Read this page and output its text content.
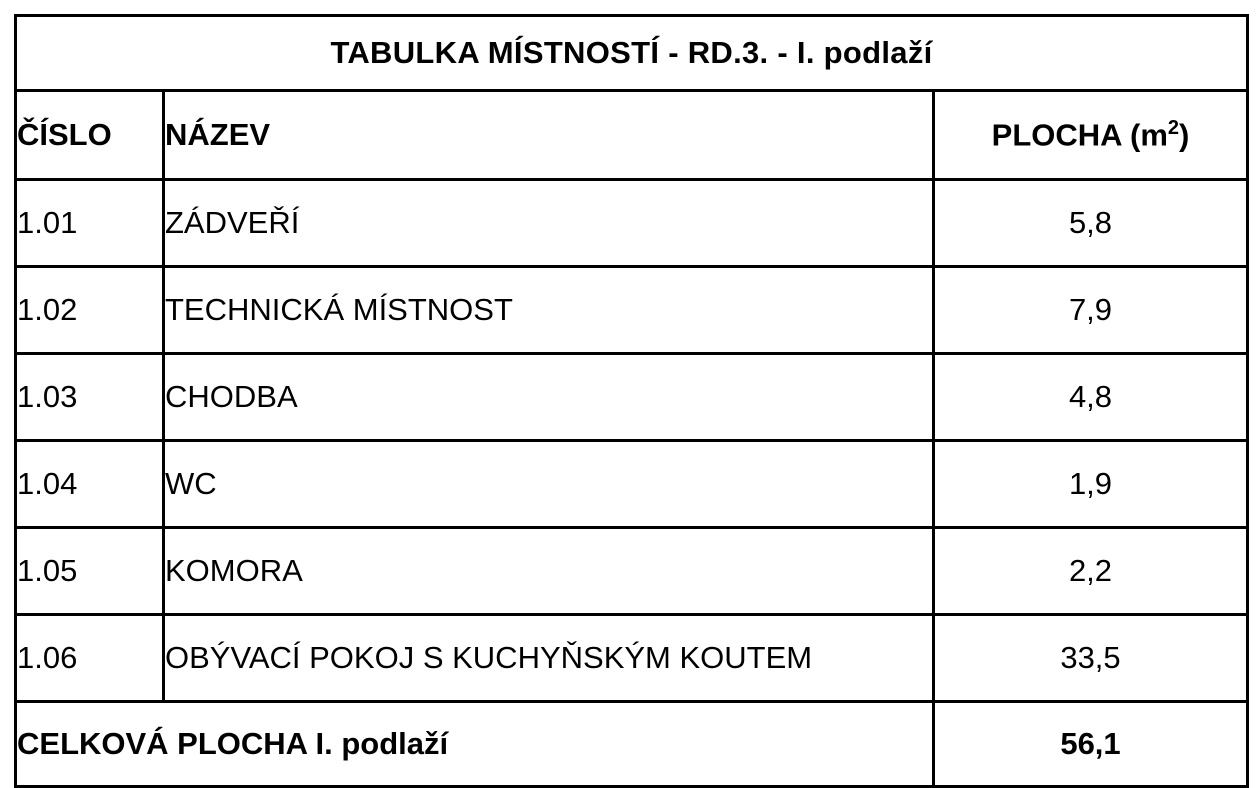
TABULKA MÍSTNOSTÍ - RD.3. - I. podlaží		
ČÍSLO	NÁZEV	PLOCHA $(m^2)$
1.01	ZÁDVEŘÍ	5,8
1.02	TECHNICKÁ MÍSTNOST	7,9
1.03	CHODBA	4,8
1.04	WC	1,9
1.05	KOMORA	2,2
1.06	OBÝVACÍ POKOJ S KUCHYŇSKÝM KOUTEM	33,5
CELKOVÁ PLOCHA I. podlaží		56,1
